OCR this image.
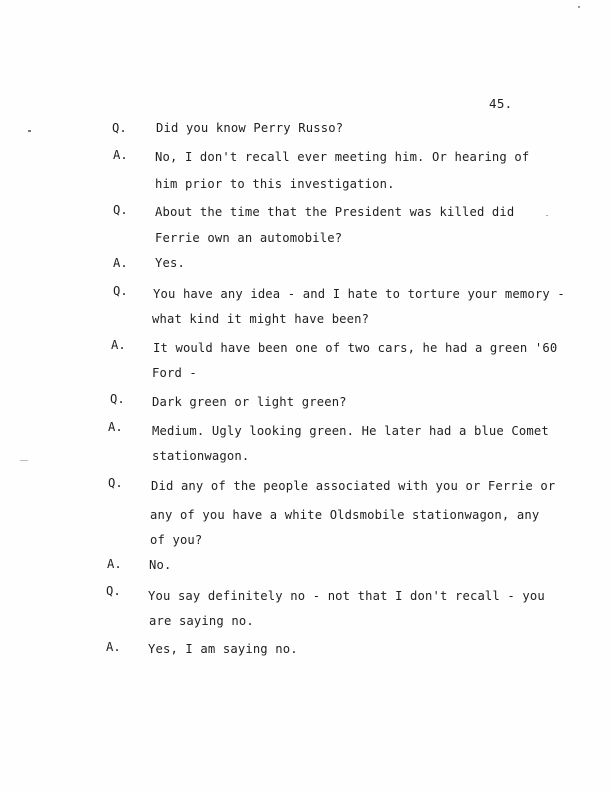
45.
Q. Did you know Perry Russo?
A. No, I don't recall ever meeting him. Or hearing of
him prior to this investigation.
Q. About the time that the President was killed did
Ferrie own an automobile?
A. Yes.
Q. You have any idea - and I hate to torture your memory -
what kind it might have been?
A. It would have been one of two cars, he had a green '60
Ford -
Q. Dark green or light green?
A. Medium. Ugly looking green. He later had a blue Comet
stationwagon.
Q. Did any of the people associated with you or Ferrie or
any of you have a white Oldsmobile stationwagon, any
of you?
A. No.
Q. You say definitely no - not that I don't recall - you
are saying no.
A. Yes, I am saying no.
